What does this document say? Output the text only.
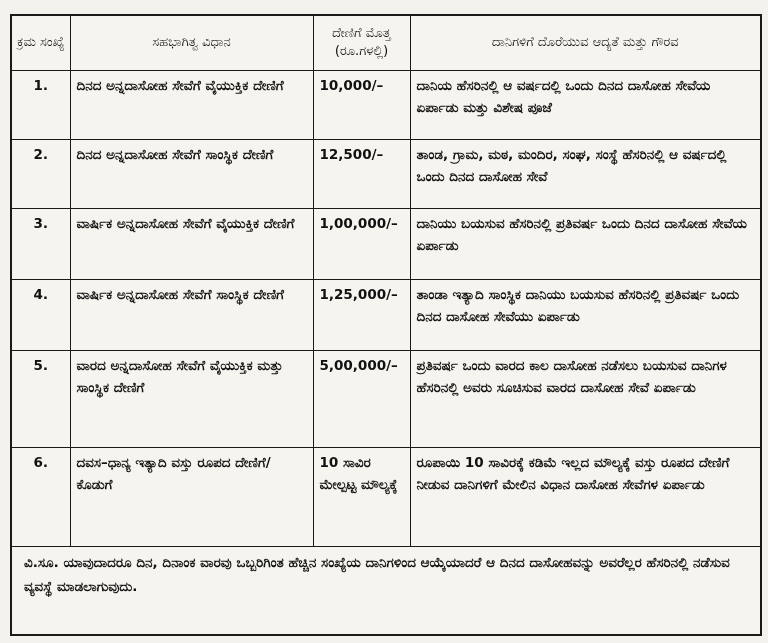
ಕ್ರಮ ಸಂಖ್ಯೆ	ಸಹಭಾಗಿತ್ವ ವಿಧಾನ	ದೇಣಿಗೆ ಮೊತ್ತ (ರೂ.ಗಳಲ್ಲಿ)	ದಾನಿಗಳಿಗೆ ದೊರೆಯುವ ಆದ್ಯತೆ ಮತ್ತು ಗೌರವ
1.	ದಿನದ ಅನ್ನದಾಸೋಹ ಸೇವೆಗೆ ವೈಯುಕ್ತಿಕ ದೇಣಿಗೆ	10,000/–	ದಾನಿಯ ಹೆಸರಿನಲ್ಲಿ ಆ ವರ್ಷದಲ್ಲಿ ಒಂದು ದಿನದ ದಾಸೋಹ ಸೇವೆಯ ಏರ್ಪಾಡು ಮತ್ತು ವಿಶೇಷ ಪೂಜೆ
2.	ದಿನದ ಅನ್ನದಾಸೋಹ ಸೇವೆಗೆ ಸಾಂಸ್ಥಿಕ ದೇಣಿಗೆ	12,500/–	ತಾಂಡ, ಗ್ರಾಮ, ಮಠ, ಮಂದಿರ, ಸಂಘ, ಸಂಸ್ಥೆ ಹೆಸರಿನಲ್ಲಿ ಆ ವರ್ಷದಲ್ಲಿ ಒಂದು ದಿನದ ದಾಸೋಹ ಸೇವೆ
3.	ವಾರ್ಷಿಕ ಅನ್ನದಾಸೋಹ ಸೇವೆಗೆ ವೈಯುಕ್ತಿಕ ದೇಣಿಗೆ	1,00,000/–	ದಾನಿಯು ಬಯಸುವ ಹೆಸರಿನಲ್ಲಿ ಪ್ರತಿವರ್ಷ ಒಂದು ದಿನದ ದಾಸೋಹ ಸೇವೆಯ ಏರ್ಪಾಡು
4.	ವಾರ್ಷಿಕ ಅನ್ನದಾಸೋಹ ಸೇವೆಗೆ ಸಾಂಸ್ಥಿಕ ದೇಣಿಗೆ	1,25,000/–	ತಾಂಡಾ ಇತ್ಯಾದಿ ಸಾಂಸ್ಥಿಕ ದಾನಿಯು ಬಯಸುವ ಹೆಸರಿನಲ್ಲಿ ಪ್ರತಿವರ್ಷ ಒಂದು ದಿನದ ದಾಸೋಹ ಸೇವೆಯು ಏರ್ಪಾಡು
5.	ವಾರದ ಅನ್ನದಾಸೋಹ ಸೇವೆಗೆ ವೈಯುಕ್ತಿಕ ಮತ್ತು ಸಾಂಸ್ಥಿಕ ದೇಣಿಗೆ	5,00,000/–	ಪ್ರತಿವರ್ಷ ಒಂದು ವಾರದ ಕಾಲ ದಾಸೋಹ ನಡೆಸಲು ಬಯಸುವ ದಾನಿಗಳ ಹೆಸರಿನಲ್ಲಿ ಅವರು ಸೂಚಿಸುವ ವಾರದ ದಾಸೋಹ ಸೇವೆ ಏರ್ಪಾಡು
6.	ದವಸ–ಧಾನ್ಯ ಇತ್ಯಾದಿ ವಸ್ತು ರೂಪದ ದೇಣಿಗೆ/ಕೊಡುಗೆ	10 ಸಾವಿರ ಮೇಲ್ಪಟ್ಟ ಮೌಲ್ಯಕ್ಕೆ	ರೂಪಾಯಿ 10 ಸಾವಿರಕ್ಕೆ ಕಡಿಮೆ ಇಲ್ಲದ ಮೌಲ್ಯಕ್ಕೆ ವಸ್ತು ರೂಪದ ದೇಣಿಗೆ ನೀಡುವ ದಾನಿಗಳಿಗೆ ಮೇಲಿನ ವಿಧಾನ ದಾಸೋಹ ಸೇವೆಗಳ ಏರ್ಪಾಡು
ವಿ.ಸೂ. ಯಾವುದಾದರೂ ದಿನ, ದಿನಾಂಕ ವಾರವು ಒಬ್ಬರಿಗಿಂತ ಹೆಚ್ಚಿನ ಸಂಖ್ಯೆಯ ದಾನಿಗಳಿಂದ ಆಯ್ಕೆಯಾದರೆ ಆ ದಿನದ ದಾಸೋಹವನ್ನು ಅವರೆಲ್ಲರ ಹೆಸರಿನಲ್ಲಿ ನಡೆಸುವ ವ್ಯವಸ್ಥೆ ಮಾಡಲಾಗುವುದು.
